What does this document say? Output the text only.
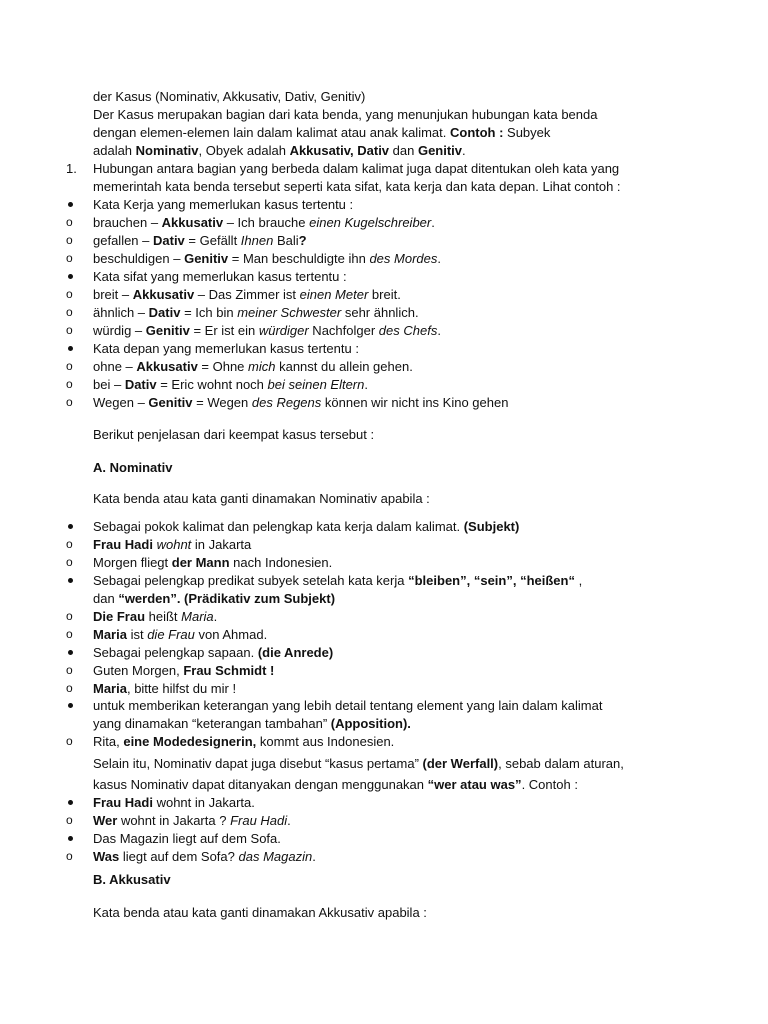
der Kasus (Nominativ, Akkusativ, Dativ, Genitiv)
Der Kasus merupakan bagian dari kata benda, yang menunjukan hubungan kata benda
dengan elemen-elemen lain dalam kalimat atau anak kalimat. Contoh : Subyek
adalah Nominativ, Obyek adalah Akkusativ, Dativ dan Genitiv.
1.	Hubungan antara bagian yang berbeda dalam kalimat juga dapat ditentukan oleh kata yang
memerintah kata benda tersebut seperti kata sifat, kata kerja dan kata depan. Lihat contoh :
Kata Kerja yang memerlukan kasus tertentu :
o	brauchen – Akkusativ – Ich brauche einen Kugelschreiber.
o	gefallen – Dativ = Gefällt Ihnen Bali?
o	beschuldigen – Genitiv = Man beschuldigte ihn des Mordes.
Kata sifat yang memerlukan kasus tertentu :
o	breit – Akkusativ – Das Zimmer ist einen Meter breit.
o	ähnlich – Dativ = Ich bin meiner Schwester sehr ähnlich.
o	würdig – Genitiv = Er ist ein würdiger Nachfolger des Chefs.
Kata depan yang memerlukan kasus tertentu :
o	ohne – Akkusativ = Ohne mich kannst du allein gehen.
o	bei – Dativ = Eric wohnt noch bei seinen Eltern.
o	Wegen – Genitiv = Wegen des Regens können wir nicht ins Kino gehen
Berikut penjelasan dari keempat kasus tersebut :
A. Nominativ
Kata benda atau kata ganti dinamakan Nominativ apabila :
Sebagai pokok kalimat dan pelengkap kata kerja dalam kalimat. (Subjekt)
o	Frau Hadi wohnt in Jakarta
o	Morgen fliegt der Mann nach Indonesien.
Sebagai pelengkap predikat subyek setelah kata kerja “bleiben”, “sein”, “heißen“ ,
dan “werden”. (Prädikativ zum Subjekt)
o	Die Frau heißt Maria.
o	Maria ist die Frau von Ahmad.
Sebagai pelengkap sapaan. (die Anrede)
o	Guten Morgen, Frau Schmidt !
o	Maria, bitte hilfst du mir !
untuk memberikan keterangan yang lebih detail tentang element yang lain dalam kalimat
yang dinamakan “keterangan tambahan” (Apposition).
o	Rita, eine Modedesignerin, kommt aus Indonesien.
Selain itu, Nominativ dapat juga disebut “kasus pertama” (der Werfall), sebab dalam aturan,
kasus Nominativ dapat ditanyakan dengan menggunakan “wer atau was”. Contoh :
Frau Hadi wohnt in Jakarta.
o	Wer wohnt in Jakarta ? Frau Hadi.
Das Magazin liegt auf dem Sofa.
o	Was liegt auf dem Sofa? das Magazin.
B. Akkusativ
Kata benda atau kata ganti dinamakan Akkusativ apabila :
